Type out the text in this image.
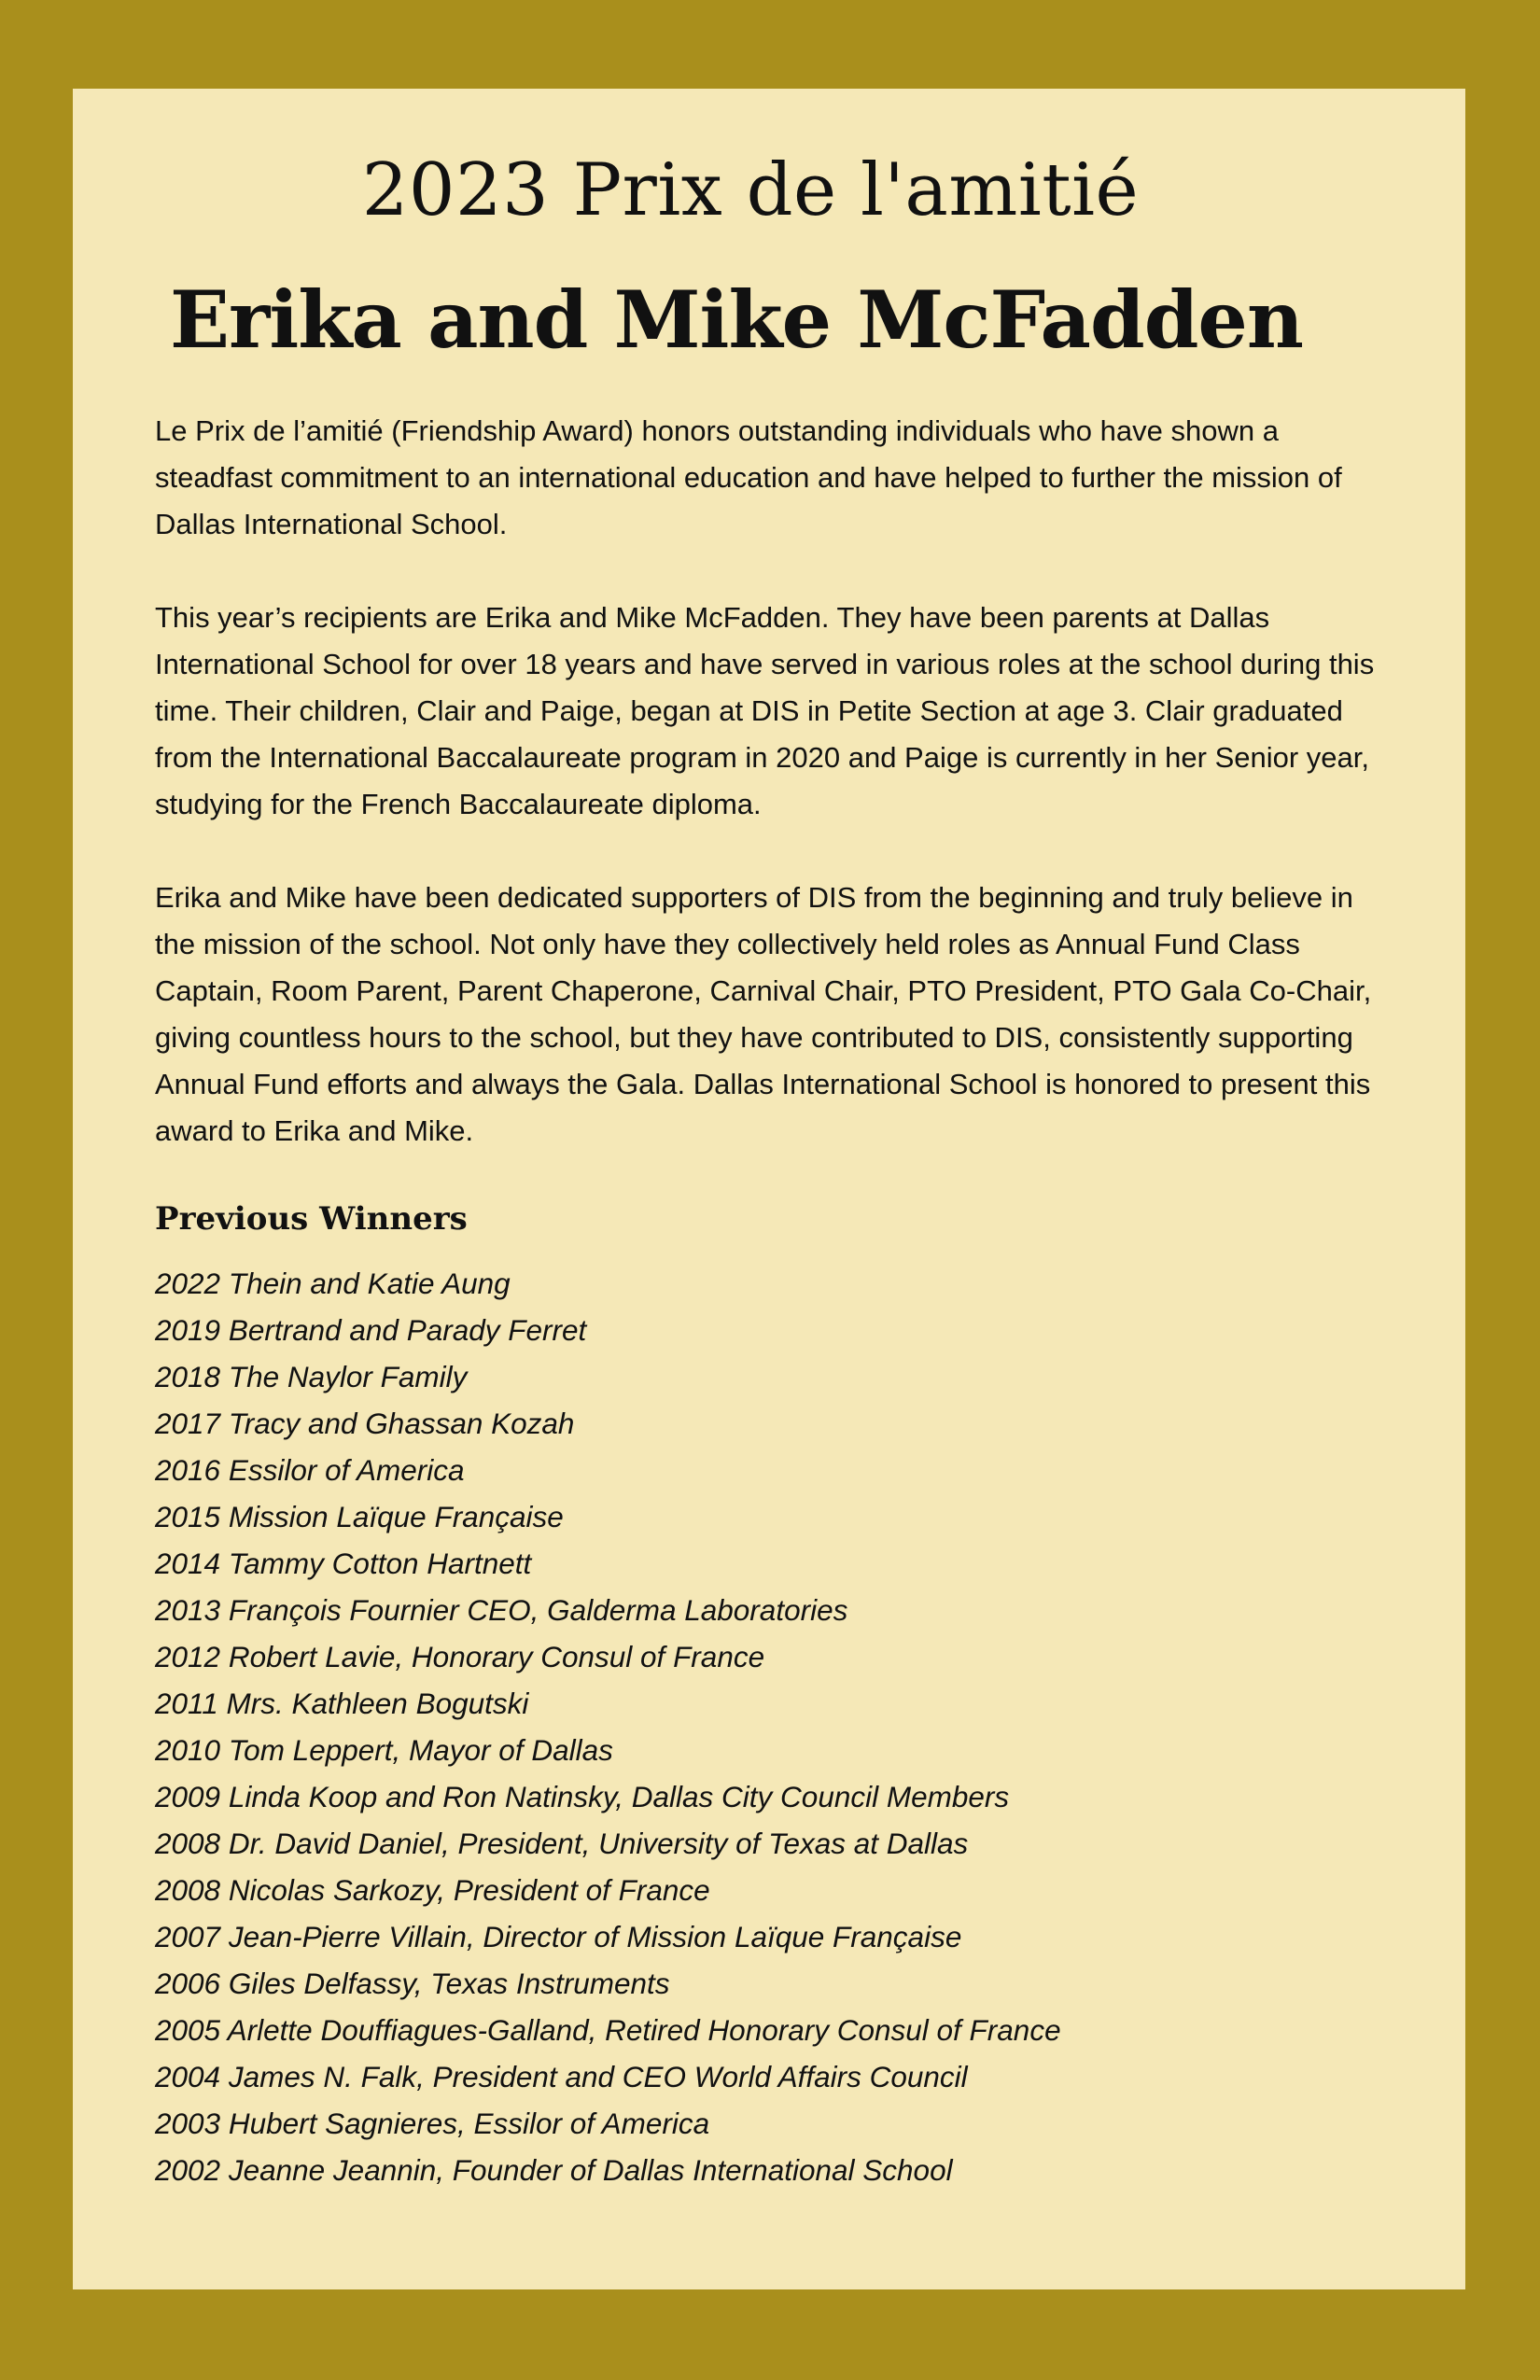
2023 Prix de l'amitié
Erika and Mike McFadden

Le Prix de l’amitié (Friendship Award) honors outstanding individuals who have shown a steadfast commitment to an international education and have helped to further the mission of Dallas International School.

This year’s recipients are Erika and Mike McFadden. They have been parents at Dallas International School for over 18 years and have served in various roles at the school during this time. Their children, Clair and Paige, began at DIS in Petite Section at age 3. Clair graduated from the International Baccalaureate program in 2020 and Paige is currently in her Senior year, studying for the French Baccalaureate diploma.

Erika and Mike have been dedicated supporters of DIS from the beginning and truly believe in the mission of the school. Not only have they collectively held roles as Annual Fund Class Captain, Room Parent, Parent Chaperone, Carnival Chair, PTO President, PTO Gala Co-Chair, giving countless hours to the school, but they have contributed to DIS, consistently supporting Annual Fund efforts and always the Gala. Dallas International School is honored to present this award to Erika and Mike.

Previous Winners
2022 Thein and Katie Aung
2019 Bertrand and Parady Ferret
2018 The Naylor Family
2017 Tracy and Ghassan Kozah
2016 Essilor of America
2015 Mission Laïque Française
2014 Tammy Cotton Hartnett
2013 François Fournier CEO, Galderma Laboratories
2012 Robert Lavie, Honorary Consul of France
2011 Mrs. Kathleen Bogutski
2010 Tom Leppert, Mayor of Dallas
2009 Linda Koop and Ron Natinsky, Dallas City Council Members
2008 Dr. David Daniel, President, University of Texas at Dallas
2008 Nicolas Sarkozy, President of France
2007 Jean-Pierre Villain, Director of Mission Laïque Française
2006 Giles Delfassy, Texas Instruments
2005 Arlette Douffiagues-Galland, Retired Honorary Consul of France
2004 James N. Falk, President and CEO World Affairs Council
2003 Hubert Sagnieres, Essilor of America
2002 Jeanne Jeannin, Founder of Dallas International School
